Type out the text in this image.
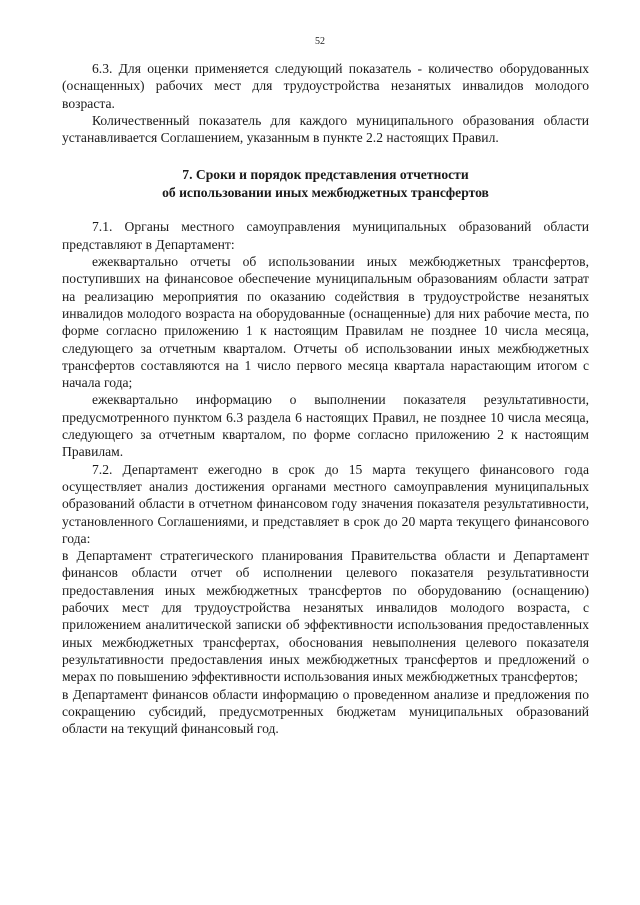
52

6.3. Для оценки применяется следующий показатель - количество оборудованных (оснащенных) рабочих мест для трудоустройства незанятых инвалидов молодого возраста.

Количественный показатель для каждого муниципального образования области устанавливается Соглашением, указанным в пункте 2.2 настоящих Правил.

7. Сроки и порядок представления отчетности
об использовании иных межбюджетных трансфертов

7.1. Органы местного самоуправления муниципальных образований области представляют в Департамент:

ежеквартально отчеты об использовании иных межбюджетных трансфертов, поступивших на финансовое обеспечение муниципальным образованиям области затрат на реализацию мероприятия по оказанию содействия в трудоустройстве незанятых инвалидов молодого возраста на оборудованные (оснащенные) для них рабочие места, по форме согласно приложению 1 к настоящим Правилам не позднее 10 числа месяца, следующего за отчетным кварталом. Отчеты об использовании иных межбюджетных трансфертов составляются на 1 число первого месяца квартала нарастающим итогом с начала года;

ежеквартально информацию о выполнении показателя результативности, предусмотренного пунктом 6.3 раздела 6 настоящих Правил, не позднее 10 числа месяца, следующего за отчетным кварталом, по форме согласно приложению 2 к настоящим Правилам.

7.2. Департамент ежегодно в срок до 15 марта текущего финансового года осуществляет анализ достижения органами местного самоуправления муниципальных образований области в отчетном финансовом году значения показателя результативности, установленного Соглашениями, и представляет в срок до 20 марта текущего финансового года:

в Департамент стратегического планирования Правительства области и Департамент финансов области отчет об исполнении целевого показателя результативности предоставления иных межбюджетных трансфертов по оборудованию (оснащению) рабочих мест для трудоустройства незанятых инвалидов молодого возраста, с приложением аналитической записки об эффективности использования предоставленных иных межбюджетных трансфертах, обоснования невыполнения целевого показателя результативности предоставления иных межбюджетных трансфертов и предложений о мерах по повышению эффективности использования иных межбюджетных трансфертов;

в Департамент финансов области информацию о проведенном анализе и предложения по сокращению субсидий, предусмотренных бюджетам муниципальных образований области на текущий финансовый год.
